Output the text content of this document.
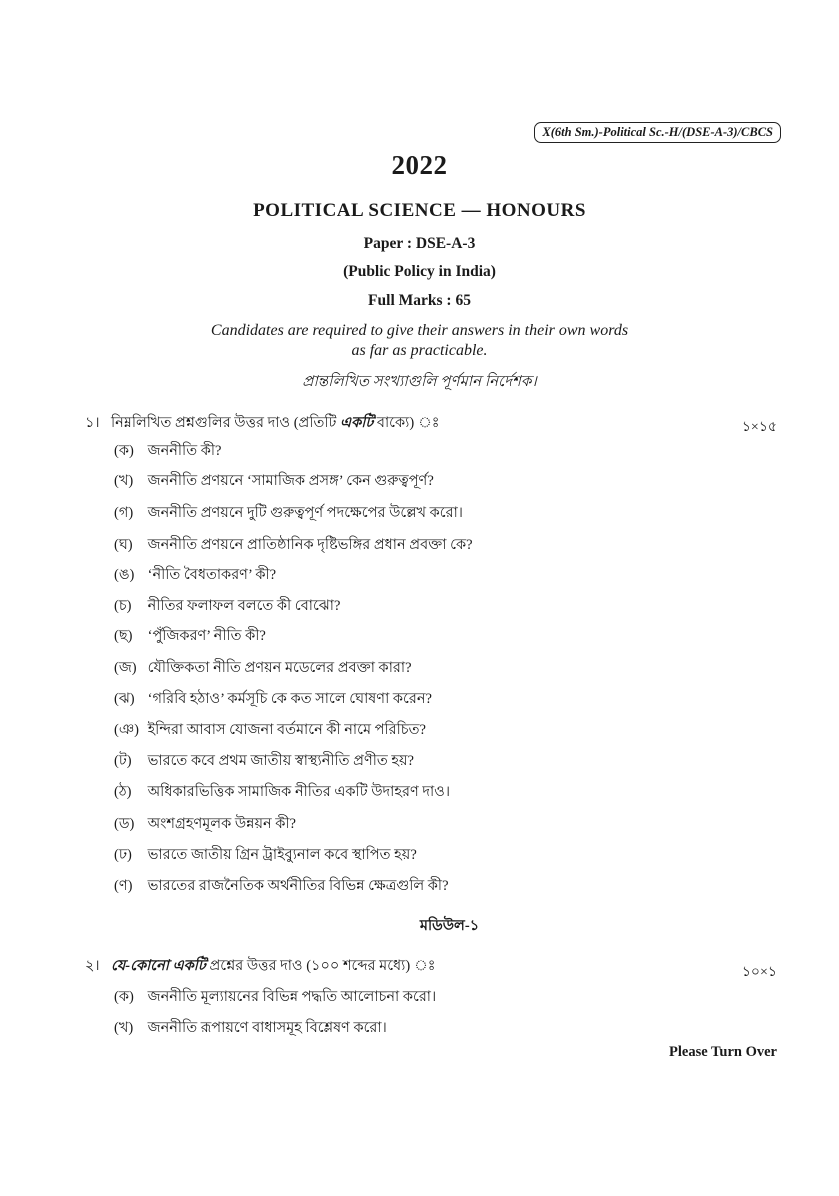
X(6th Sm.)-Political Sc.-H/(DSE-A-3)/CBCS
2022
POLITICAL SCIENCE — HONOURS
Paper : DSE-A-3
(Public Policy in India)
Full Marks : 65
Candidates are required to give their answers in their own words
as far as practicable.
প্রান্তলিখিত সংখ্যাগুলি পূর্ণমান নির্দেশক।
১। নিম্নলিখিত প্রশ্নগুলির উত্তর দাও (প্রতিটি একটি বাক্যে) ঃ	১×১৫
(ক) জননীতি কী?
(খ) জননীতি প্রণয়নে ‘সামাজিক প্রসঙ্গ’ কেন গুরুত্বপূর্ণ?
(গ) জননীতি প্রণয়নে দুটি গুরুত্বপূর্ণ পদক্ষেপের উল্লেখ করো।
(ঘ) জননীতি প্রণয়নে প্রাতিষ্ঠানিক দৃষ্টিভঙ্গির প্রধান প্রবক্তা কে?
(ঙ) ‘নীতি বৈধতাকরণ’ কী?
(চ) নীতির ফলাফল বলতে কী বোঝো?
(ছ) ‘পুঁজিকরণ’ নীতি কী?
(জ) যৌক্তিকতা নীতি প্রণয়ন মডেলের প্রবক্তা কারা?
(ঝ) ‘গরিবি হঠাও’ কর্মসূচি কে কত সালে ঘোষণা করেন?
(ঞ) ইন্দিরা আবাস যোজনা বর্তমানে কী নামে পরিচিত?
(ট) ভারতে কবে প্রথম জাতীয় স্বাস্থ্যনীতি প্রণীত হয়?
(ঠ) অধিকারভিত্তিক সামাজিক নীতির একটি উদাহরণ দাও।
(ড) অংশগ্রহণমূলক উন্নয়ন কী?
(ঢ) ভারতে জাতীয় গ্রিন ট্রাইব্যুনাল কবে স্থাপিত হয়?
(ণ) ভারতের রাজনৈতিক অর্থনীতির বিভিন্ন ক্ষেত্রগুলি কী?
মডিউল-১
২। যে-কোনো একটি প্রশ্নের উত্তর দাও (১০০ শব্দের মধ্যে) ঃ	১০×১
(ক) জননীতি মূল্যায়নের বিভিন্ন পদ্ধতি আলোচনা করো।
(খ) জননীতি রূপায়ণে বাধাসমূহ বিশ্লেষণ করো।
Please Turn Over
